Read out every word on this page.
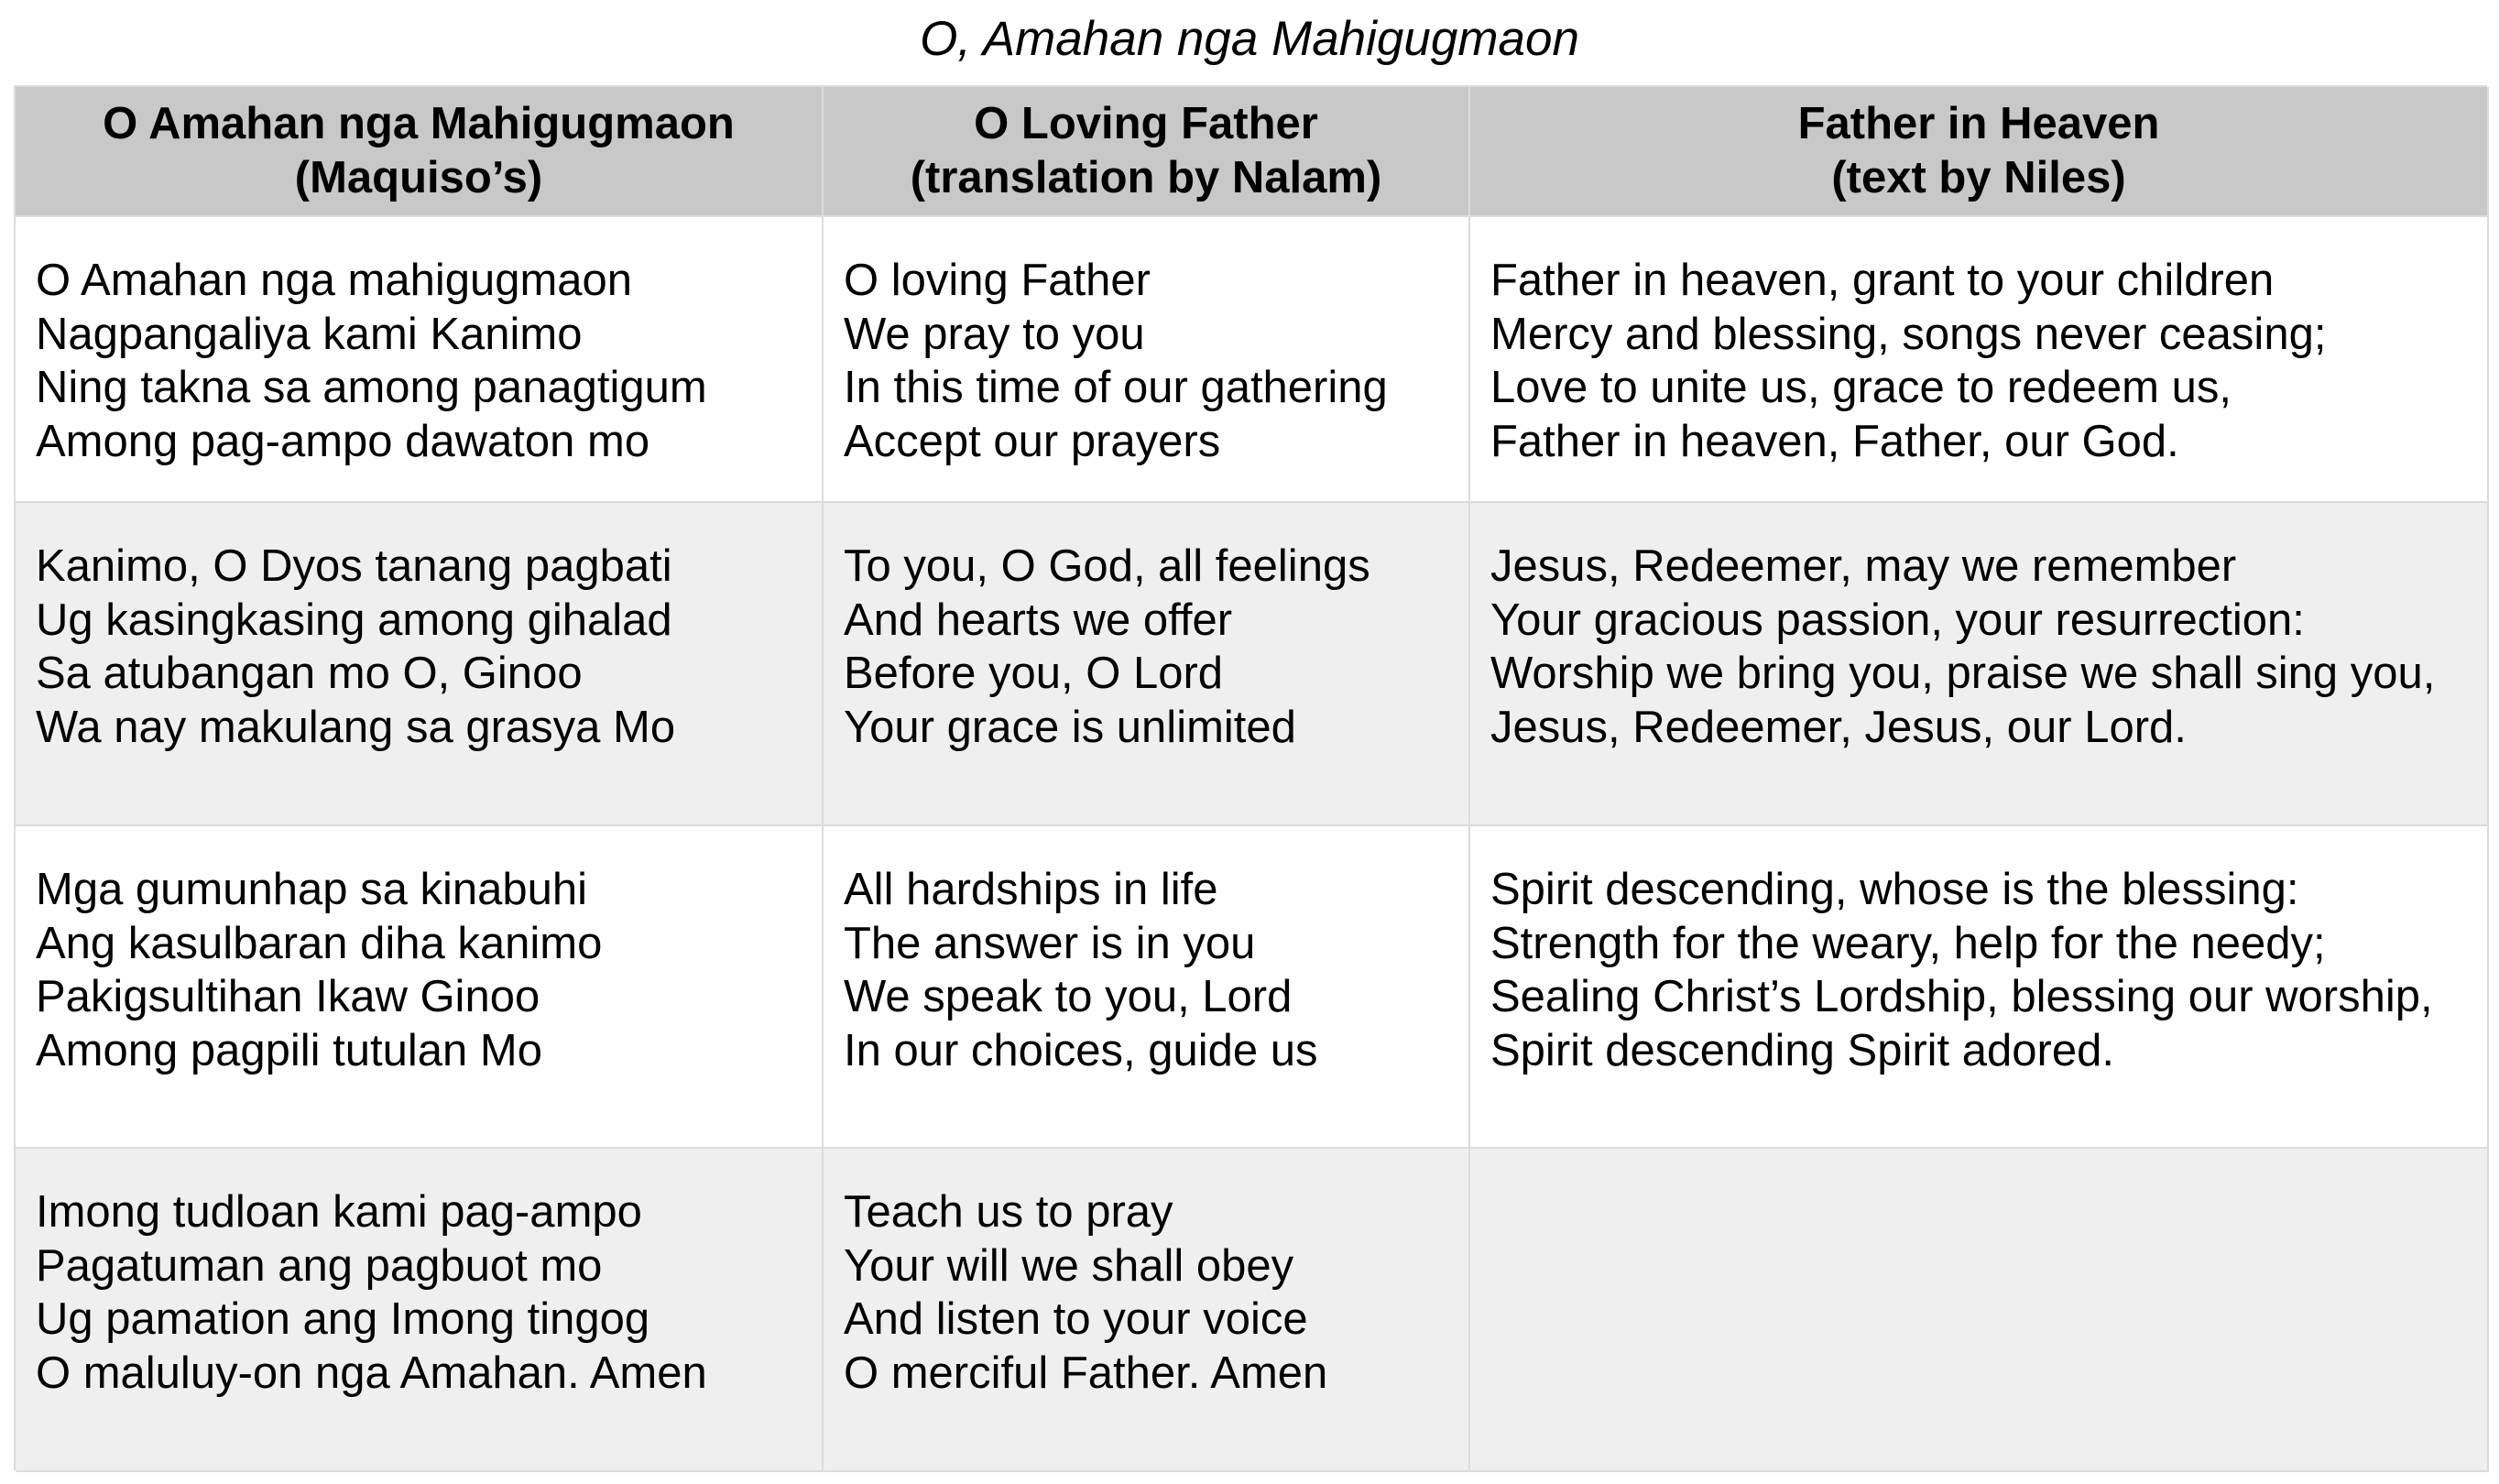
O, Amahan nga Mahigugmaon
O Amahan nga Mahigugmaon
(Maquiso’s)
O Loving Father
(translation by Nalam)
Father in Heaven
(text by Niles)
O Amahan nga mahigugmaon
Nagpangaliya kami Kanimo
Ning takna sa among panagtigum
Among pag-ampo dawaton mo
O loving Father
We pray to you
In this time of our gathering
Accept our prayers
Father in heaven, grant to your children
Mercy and blessing, songs never ceasing;
Love to unite us, grace to redeem us,
Father in heaven, Father, our God.
Kanimo, O Dyos tanang pagbati
Ug kasingkasing among gihalad
Sa atubangan mo O, Ginoo
Wa nay makulang sa grasya Mo
To you, O God, all feelings
And hearts we offer
Before you, O Lord
Your grace is unlimited
Jesus, Redeemer, may we remember
Your gracious passion, your resurrection:
Worship we bring you, praise we shall sing you,
Jesus, Redeemer, Jesus, our Lord.
Mga gumunhap sa kinabuhi
Ang kasulbaran diha kanimo
Pakigsultihan Ikaw Ginoo
Among pagpili tutulan Mo
All hardships in life
The answer is in you
We speak to you, Lord
In our choices, guide us
Spirit descending, whose is the blessing:
Strength for the weary, help for the needy;
Sealing Christ’s Lordship, blessing our worship,
Spirit descending Spirit adored.
Imong tudloan kami pag-ampo
Pagatuman ang pagbuot mo
Ug pamation ang Imong tingog
O maluluy-on nga Amahan. Amen
Teach us to pray
Your will we shall obey
And listen to your voice
O merciful Father. Amen
